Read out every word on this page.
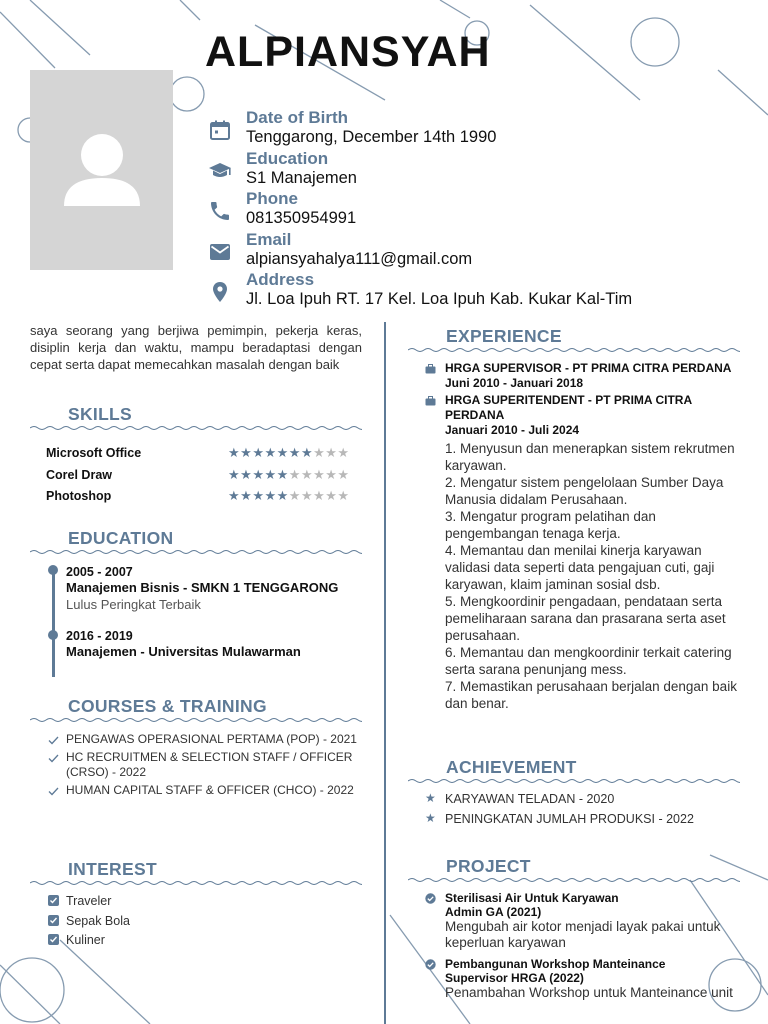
ALPIANSYAH
Date of Birth
Tenggarong, December 14th 1990
Education
S1 Manajemen
Phone
081350954991
Email
alpiansyahalya111@gmail.com
Address
Jl. Loa Ipuh RT. 17 Kel. Loa Ipuh Kab. Kukar Kal-Tim

saya seorang yang berjiwa pemimpin, pekerja keras, disiplin kerja dan waktu, mampu beradaptasi dengan cepat serta dapat memecahkan masalah dengan baik

SKILLS
Microsoft Office	★★★★★★★★★★
Corel Draw	★★★★★★★★★★
Photoshop	★★★★★★★★★★
EDUCATION
2005 - 2007
Manajemen Bisnis - SMKN 1 TENGGARONG
Lulus Peringkat Terbaik
2016 - 2019
Manajemen - Universitas Mulawarman
COURSES & TRAINING
PENGAWAS OPERASIONAL PERTAMA (POP) - 2021
HC RECRUITMEN & SELECTION STAFF / OFFICER (CRSO) - 2022
HUMAN CAPITAL STAFF & OFFICER (CHCO) - 2022
INTEREST
Traveler
Sepak Bola
Kuliner
EXPERIENCE
HRGA SUPERVISOR - PT PRIMA CITRA PERDANA
Juni 2010 - Januari 2018
HRGA SUPERITENDENT - PT PRIMA CITRA PERDANA
Januari 2010 - Juli 2024
1. Menyusun dan menerapkan sistem rekrutmen karyawan.
2. Mengatur sistem pengelolaan Sumber Daya Manusia didalam Perusahaan.
3. Mengatur program pelatihan dan pengembangan tenaga kerja.
4. Memantau dan menilai kinerja karyawan validasi data seperti data pengajuan cuti, gaji karyawan, klaim jaminan sosial dsb.
5. Mengkoordinir pengadaan, pendataan serta pemeliharaan sarana dan prasarana serta aset perusahaan.
6. Memantau dan mengkoordinir terkait catering serta sarana penunjang mess.
7. Memastikan perusahaan berjalan dengan baik dan benar.
ACHIEVEMENT
★ KARYAWAN TELADAN - 2020
★ PENINGKATAN JUMLAH PRODUKSI - 2022
PROJECT
Sterilisasi Air Untuk Karyawan
Admin GA (2021)
Mengubah air kotor menjadi layak pakai untuk keperluan karyawan
Pembangunan Workshop Manteinance
Supervisor HRGA (2022)
Penambahan Workshop untuk Manteinance unit
